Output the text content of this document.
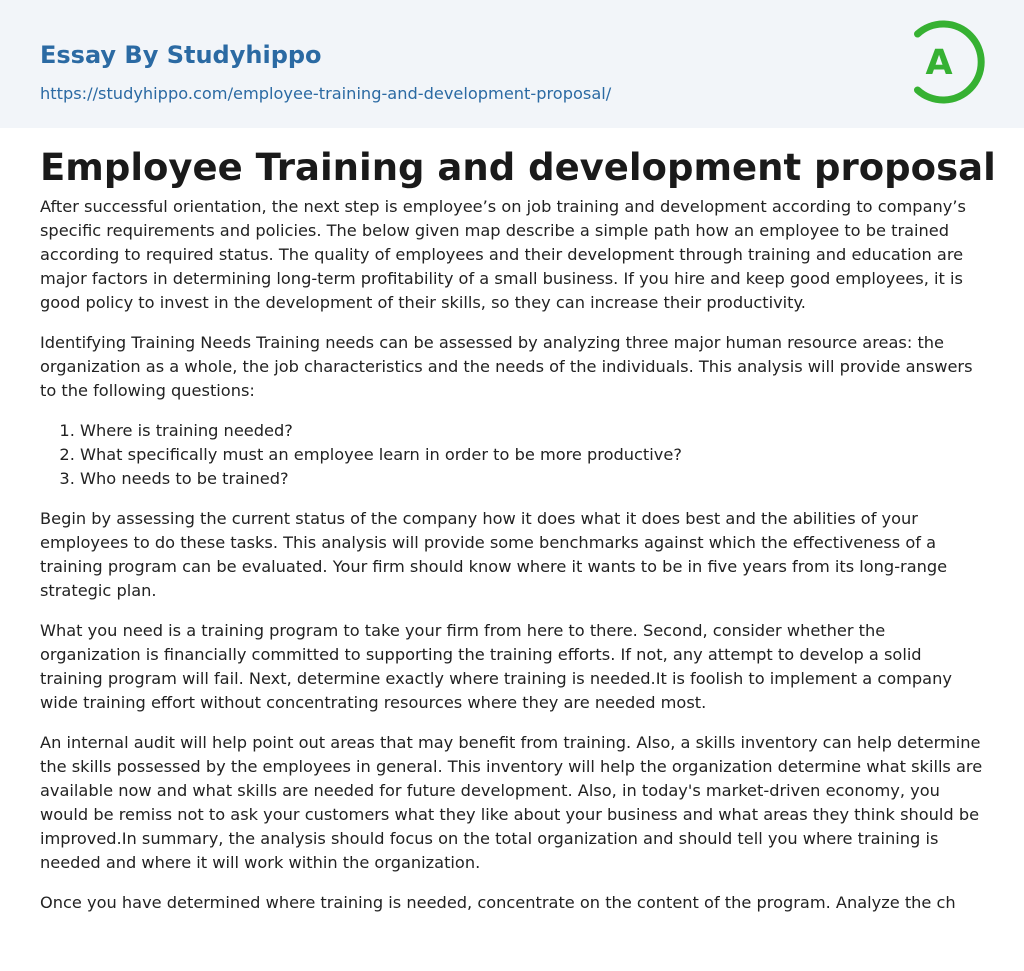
Essay By Studyhippo
https://studyhippo.com/employee-training-and-development-proposal/
A
Employee Training and development proposal

After successful orientation, the next step is employee’s on job training and development according to company’s specific requirements and policies. The below given map describe a simple path how an employee to be trained according to required status. The quality of employees and their development through training and education are major factors in determining long-term profitability of a small business. If you hire and keep good employees, it is good policy to invest in the development of their skills, so they can increase their productivity.

Identifying Training Needs Training needs can be assessed by analyzing three major human resource areas: the organization as a whole, the job characteristics and the needs of the individuals. This analysis will provide answers to the following questions:

1. Where is training needed?
2. What specifically must an employee learn in order to be more productive?
3. Who needs to be trained?

Begin by assessing the current status of the company how it does what it does best and the abilities of your employees to do these tasks. This analysis will provide some benchmarks against which the effectiveness of a training program can be evaluated. Your firm should know where it wants to be in five years from its long-range strategic plan.

What you need is a training program to take your firm from here to there. Second, consider whether the organization is financially committed to supporting the training efforts. If not, any attempt to develop a solid training program will fail. Next, determine exactly where training is needed.It is foolish to implement a company wide training effort without concentrating resources where they are needed most.

An internal audit will help point out areas that may benefit from training. Also, a skills inventory can help determine the skills possessed by the employees in general. This inventory will help the organization determine what skills are available now and what skills are needed for future development. Also, in today's market-driven economy, you would be remiss not to ask your customers what they like about your business and what areas they think should be improved.In summary, the analysis should focus on the total organization and should tell you where training is needed and where it will work within the organization.

Once you have determined where training is needed, concentrate on the content of the program. Analyze the ch
